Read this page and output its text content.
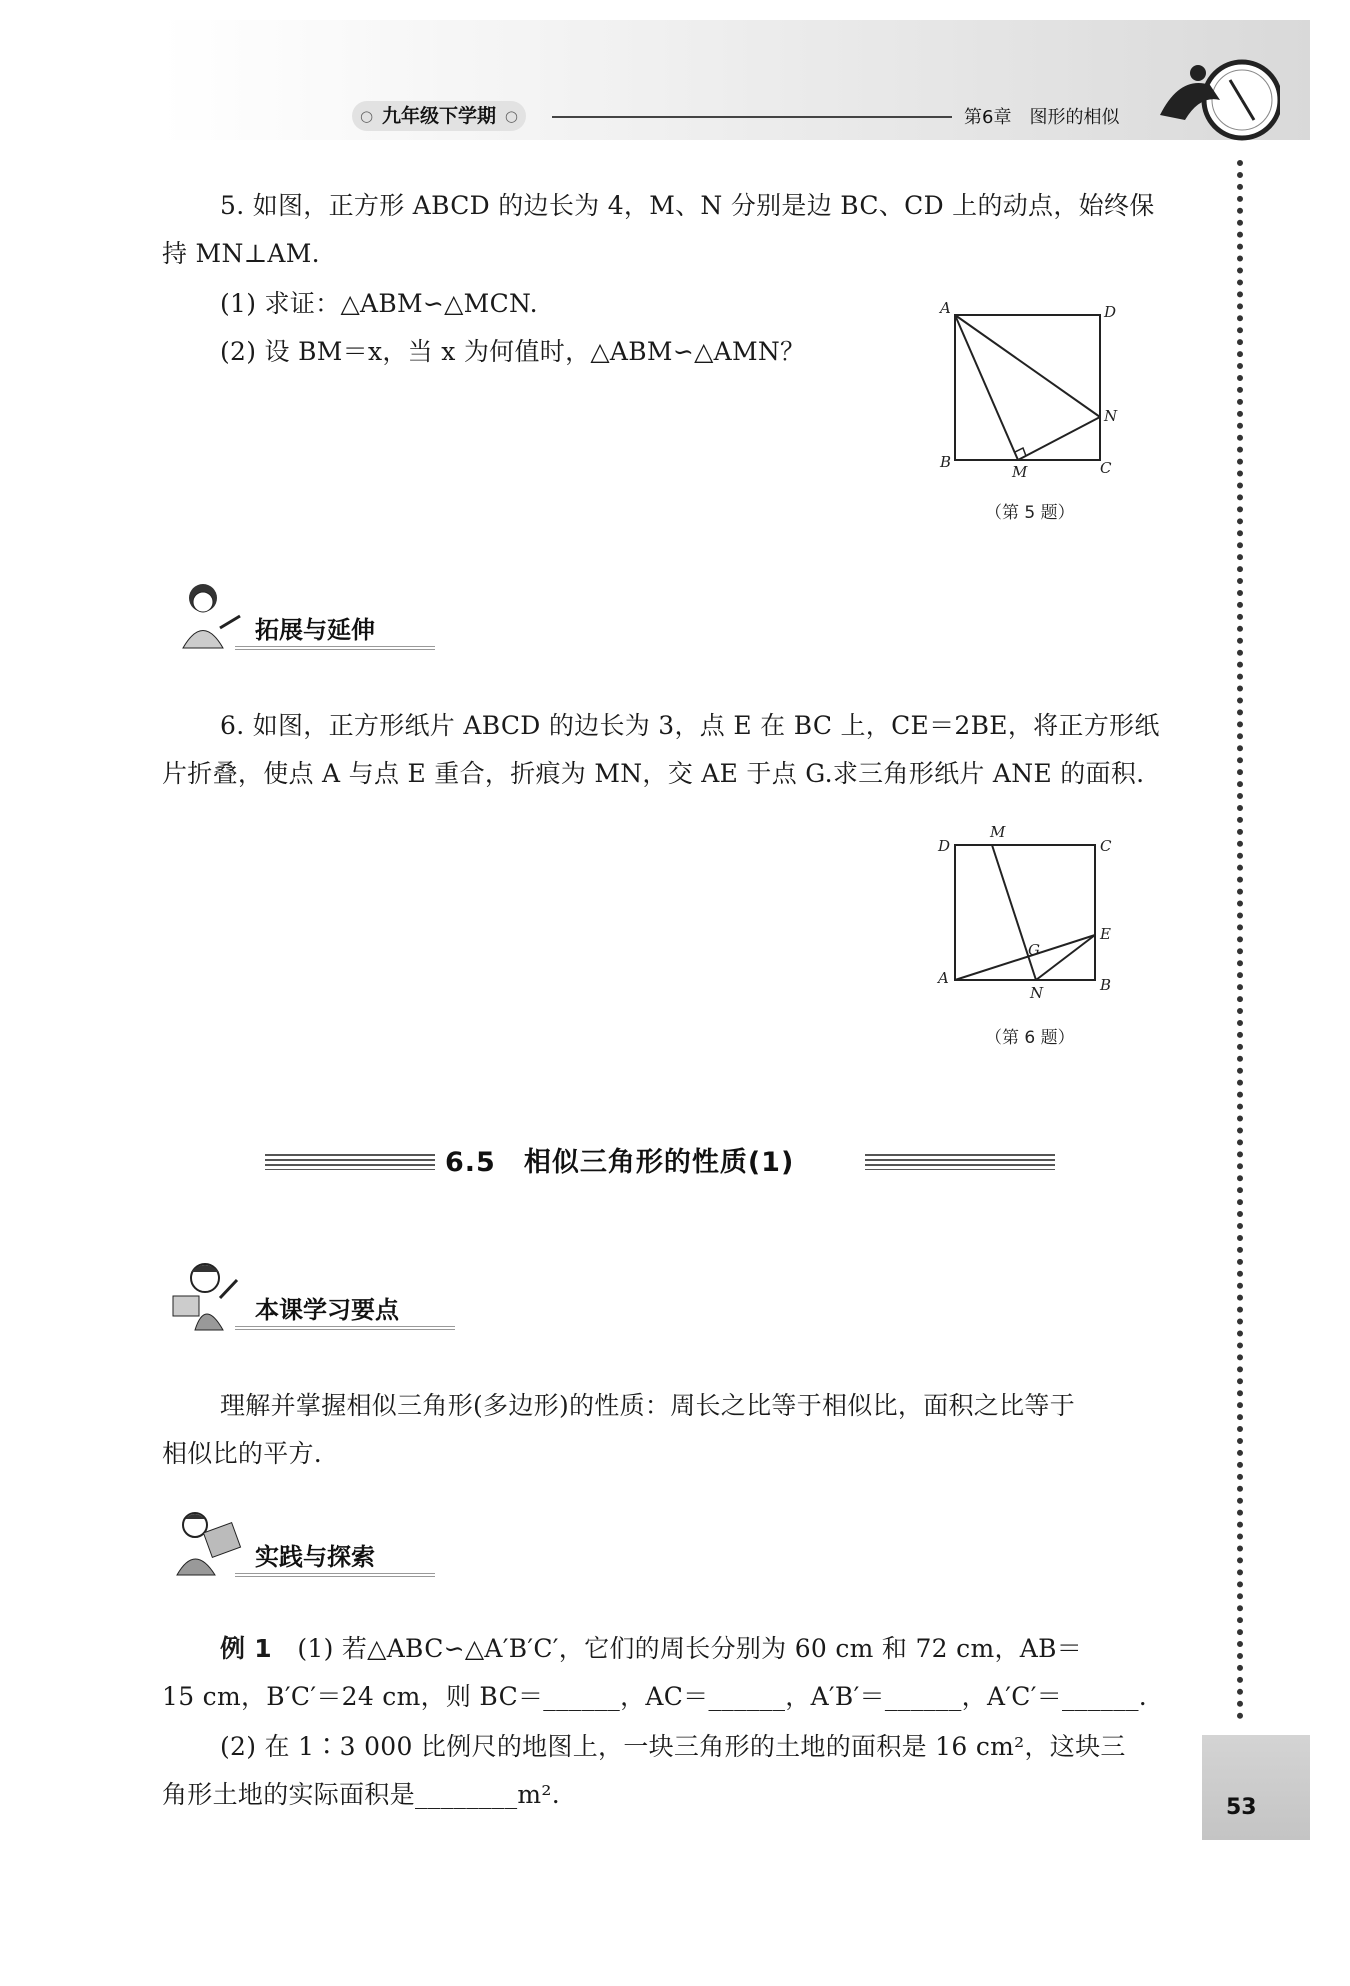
○ 九年级下学期 ○	第6章 图形的相似
5. 如图，正方形 ABCD 的边长为 4，M、N 分别是边 BC、CD 上的动点，始终保
持 MN⊥AM.
(1) 求证：△ABM∽△MCN.
(2) 设 BM＝x，当 x 为何值时，△ABM∽△AMN？
A	D
N
B
M	C
（第 5 题）
拓展与延伸
6. 如图，正方形纸片 ABCD 的边长为 3，点 E 在 BC 上，CE＝2BE，将正方形纸
片折叠，使点 A 与点 E 重合，折痕为 MN，交 AE 于点 G.求三角形纸片 ANE 的面积.
M
D	C
E
G
A
N	B
（第 6 题）
6.5　相似三角形的性质(1)
本课学习要点
理解并掌握相似三角形(多边形)的性质：周长之比等于相似比，面积之比等于
相似比的平方.
实践与探索
例 1　 (1) 若△ABC∽△A′B′C′，它们的周长分别为 60 cm 和 72 cm，AB＝
15 cm，B′C′＝24 cm，则 BC＝______，AC＝______，A′B′＝______，A′C′＝______.
(2) 在 1∶3 000 比例尺的地图上，一块三角形的土地的面积是 16 cm²，这块三
角形土地的实际面积是________m².	53
